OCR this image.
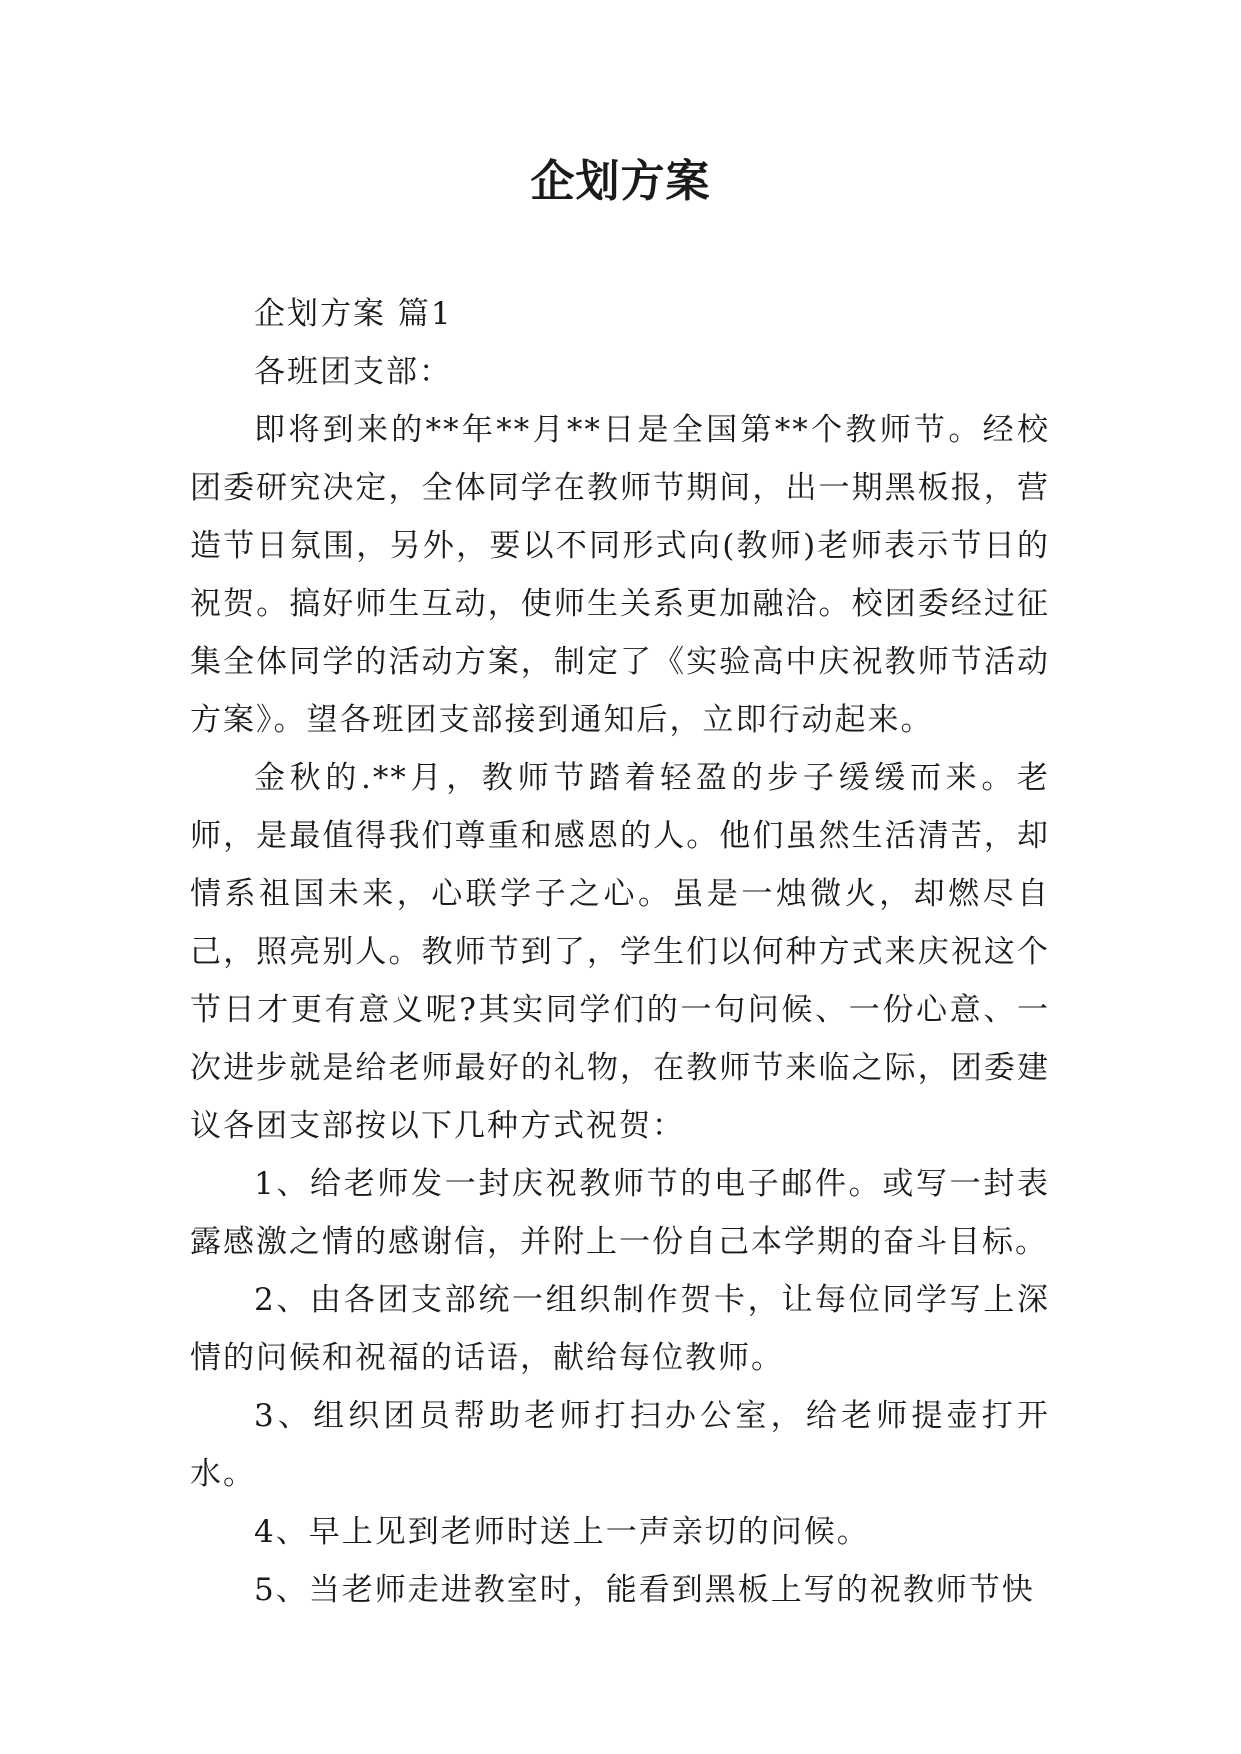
企划方案

企划方案 篇1

各班团支部：

即将到来的**年**月**日是全国第**个教师节。经校团委研究决定，全体同学在教师节期间，出一期黑板报，营造节日氛围，另外，要以不同形式向(教师)老师表示节日的祝贺。搞好师生互动，使师生关系更加融洽。校团委经过征集全体同学的活动方案，制定了《实验高中庆祝教师节活动方案》。望各班团支部接到通知后，立即行动起来。

金秋的.**月，教师节踏着轻盈的步子缓缓而来。老师，是最值得我们尊重和感恩的人。他们虽然生活清苦，却情系祖国未来，心联学子之心。虽是一烛微火，却燃尽自己，照亮别人。教师节到了，学生们以何种方式来庆祝这个节日才更有意义呢?其实同学们的一句问候、一份心意、一次进步就是给老师最好的礼物，在教师节来临之际，团委建议各团支部按以下几种方式祝贺：

1、给老师发一封庆祝教师节的电子邮件。或写一封表露感激之情的感谢信，并附上一份自己本学期的奋斗目标。

2、由各团支部统一组织制作贺卡，让每位同学写上深情的问候和祝福的话语，献给每位教师。

3、组织团员帮助老师打扫办公室，给老师提壶打开水。

4、早上见到老师时送上一声亲切的问候。

5、当老师走进教室时，能看到黑板上写的祝教师节快
